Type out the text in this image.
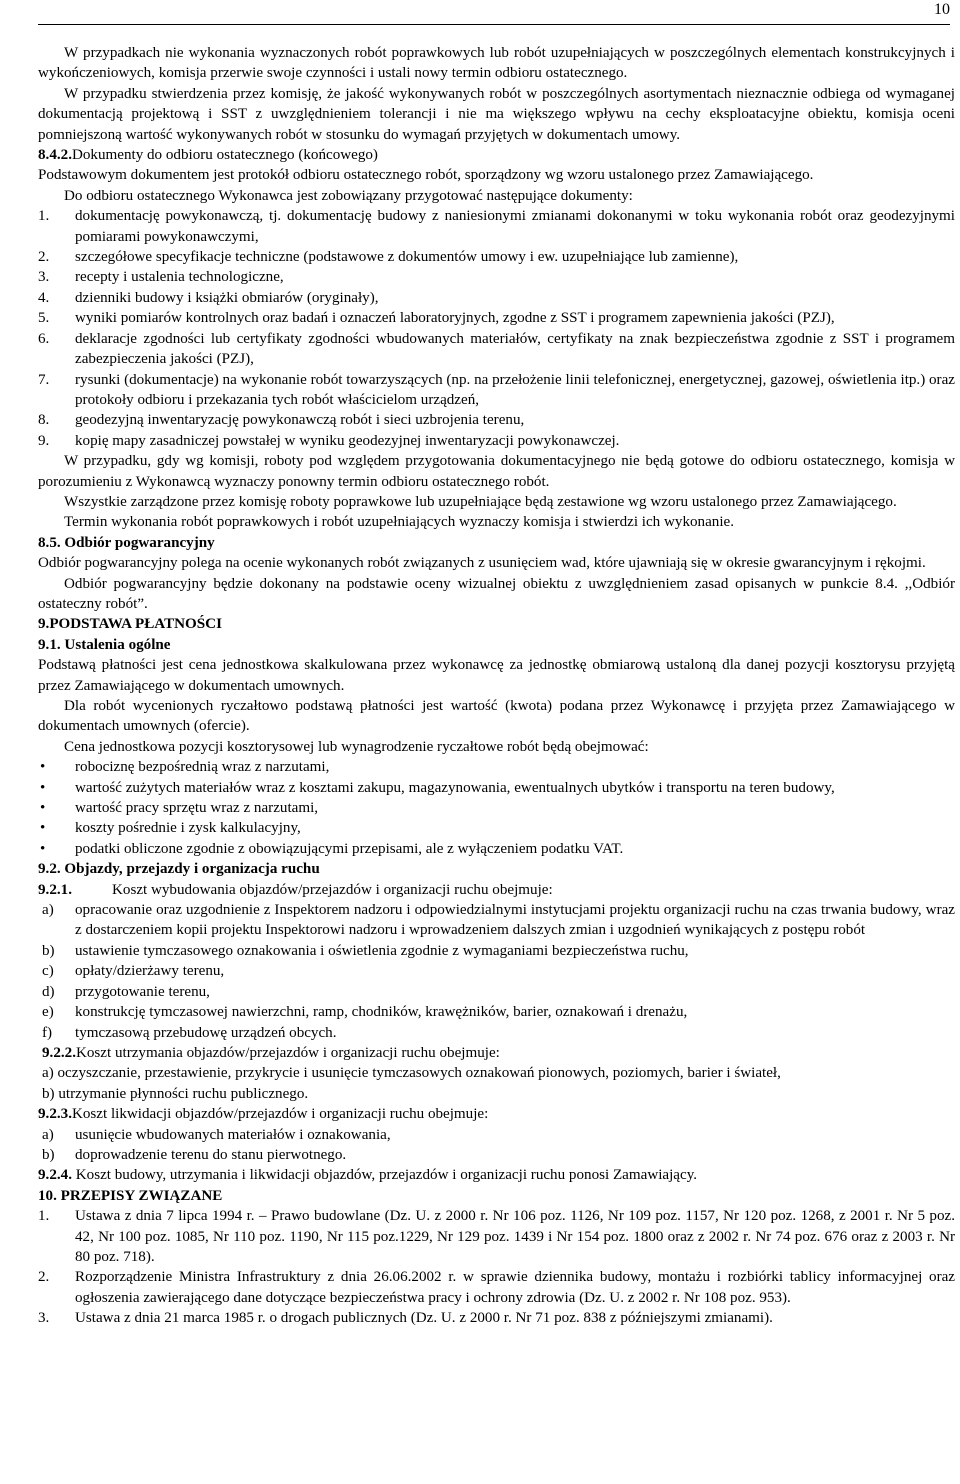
10

W przypadkach nie wykonania wyznaczonych robót poprawkowych lub robót uzupełniających w poszczególnych elementach konstrukcyjnych i wykończeniowych, komisja przerwie swoje czynności i ustali nowy termin odbioru ostatecznego.

W przypadku stwierdzenia przez komisję, że jakość wykonywanych robót w poszczególnych asortymentach nieznacznie odbiega od wymaganej dokumentacją projektową i SST z uwzględnieniem tolerancji i nie ma większego wpływu na cechy eksploatacyjne obiektu, komisja oceni pomniejszoną wartość wykonywanych robót w stosunku do wymagań przyjętych w dokumentach umowy.

8.4.2.Dokumenty do odbioru ostatecznego (końcowego)

Podstawowym dokumentem jest protokół odbioru ostatecznego robót, sporządzony wg wzoru ustalonego przez Zamawiającego.

Do odbioru ostatecznego Wykonawca jest zobowiązany przygotować następujące dokumenty:

1.	dokumentację powykonawczą, tj. dokumentację budowy z naniesionymi zmianami dokonanymi w toku wykonania robót oraz geodezyjnymi pomiarami powykonawczymi,
2.	szczegółowe specyfikacje techniczne (podstawowe z dokumentów umowy i ew. uzupełniające lub zamienne),
3.	recepty i ustalenia technologiczne,
4.	dzienniki budowy i książki obmiarów (oryginały),
5.	wyniki pomiarów kontrolnych oraz badań i oznaczeń laboratoryjnych, zgodne z SST i programem zapewnienia jakości (PZJ),
6.	deklaracje zgodności lub certyfikaty zgodności wbudowanych materiałów, certyfikaty na znak bezpieczeństwa zgodnie z SST i programem zabezpieczenia jakości (PZJ),
7.	rysunki (dokumentacje) na wykonanie robót towarzyszących (np. na przełożenie linii telefonicznej, energetycznej, gazowej, oświetlenia itp.) oraz protokoły odbioru i przekazania tych robót właścicielom urządzeń,
8.	geodezyjną inwentaryzację powykonawczą robót i sieci uzbrojenia terenu,
9.	kopię mapy zasadniczej powstałej w wyniku geodezyjnej inwentaryzacji powykonawczej.

W przypadku, gdy wg komisji, roboty pod względem przygotowania dokumentacyjnego nie będą gotowe do odbioru ostatecznego, komisja w porozumieniu z Wykonawcą wyznaczy ponowny termin odbioru ostatecznego robót.

Wszystkie zarządzone przez komisję roboty poprawkowe lub uzupełniające będą zestawione wg wzoru ustalonego przez Zamawiającego.

Termin wykonania robót poprawkowych i robót uzupełniających wyznaczy komisja i stwierdzi ich wykonanie.

8.5. Odbiór pogwarancyjny

Odbiór pogwarancyjny polega na ocenie wykonanych robót związanych z usunięciem wad, które ujawniają się w okresie gwarancyjnym i rękojmi.

Odbiór pogwarancyjny będzie dokonany na podstawie oceny wizualnej obiektu z uwzględnieniem zasad opisanych w punkcie 8.4. ,,Odbiór ostateczny robót”.

9.PODSTAWA PŁATNOŚCI

9.1. Ustalenia ogólne

Podstawą płatności jest cena jednostkowa skalkulowana przez wykonawcę za jednostkę obmiarową ustaloną dla danej pozycji kosztorysu przyjętą przez Zamawiającego w dokumentach umownych.

Dla robót wycenionych ryczałtowo podstawą płatności jest wartość (kwota) podana przez Wykonawcę i przyjęta przez Zamawiającego w dokumentach umownych (ofercie).

Cena jednostkowa pozycji kosztorysowej lub wynagrodzenie ryczałtowe robót będą obejmować:

•	robociznę bezpośrednią wraz z narzutami,
•	wartość zużytych materiałów wraz z kosztami zakupu, magazynowania, ewentualnych ubytków i transportu na teren budowy,
•	wartość pracy sprzętu wraz z narzutami,
•	koszty pośrednie i zysk kalkulacyjny,
•	podatki obliczone zgodnie z obowiązującymi przepisami, ale z wyłączeniem podatku VAT.

9.2. Objazdy, przejazdy i organizacja ruchu

9.2.1.	Koszt wybudowania objazdów/przejazdów i organizacji ruchu obejmuje:

a)	opracowanie oraz uzgodnienie z Inspektorem nadzoru i odpowiedzialnymi instytucjami projektu organizacji ruchu na czas trwania budowy, wraz z dostarczeniem kopii projektu Inspektorowi nadzoru i wprowadzeniem dalszych zmian i uzgodnień wynikających z postępu robót
b)	ustawienie tymczasowego oznakowania i oświetlenia zgodnie z wymaganiami bezpieczeństwa ruchu,
c)	opłaty/dzierżawy terenu,
d)	przygotowanie terenu,
e)	konstrukcję tymczasowej nawierzchni, ramp, chodników, krawężników, barier, oznakowań i drenażu,
f)	tymczasową przebudowę urządzeń obcych.

9.2.2.Koszt utrzymania objazdów/przejazdów i organizacji ruchu obejmuje:

a) oczyszczanie, przestawienie, przykrycie i usunięcie tymczasowych oznakowań pionowych, poziomych, barier i świateł,

b) utrzymanie płynności ruchu publicznego.

9.2.3.Koszt likwidacji objazdów/przejazdów i organizacji ruchu obejmuje:

a)	usunięcie wbudowanych materiałów i oznakowania,
b)	doprowadzenie terenu do stanu pierwotnego.

9.2.4. Koszt budowy, utrzymania i likwidacji objazdów, przejazdów i organizacji ruchu ponosi Zamawiający.

10. PRZEPISY ZWIĄZANE

1.	Ustawa z dnia 7 lipca 1994 r. – Prawo budowlane (Dz. U. z 2000 r. Nr 106 poz. 1126, Nr 109 poz. 1157, Nr 120 poz. 1268, z 2001 r. Nr 5 poz. 42, Nr 100 poz. 1085, Nr 110 poz. 1190, Nr 115 poz.1229, Nr 129 poz. 1439 i Nr 154 poz. 1800 oraz z 2002 r. Nr 74 poz. 676 oraz z 2003 r. Nr 80 poz. 718).
2.	Rozporządzenie Ministra Infrastruktury z dnia 26.06.2002 r. w sprawie dziennika budowy, montażu i rozbiórki tablicy informacyjnej oraz ogłoszenia zawierającego dane dotyczące bezpieczeństwa pracy i ochrony zdrowia (Dz. U. z 2002 r. Nr 108 poz. 953).
3.	Ustawa z dnia 21 marca 1985 r. o drogach publicznych (Dz. U. z 2000 r. Nr 71 poz. 838 z późniejszymi zmianami).
